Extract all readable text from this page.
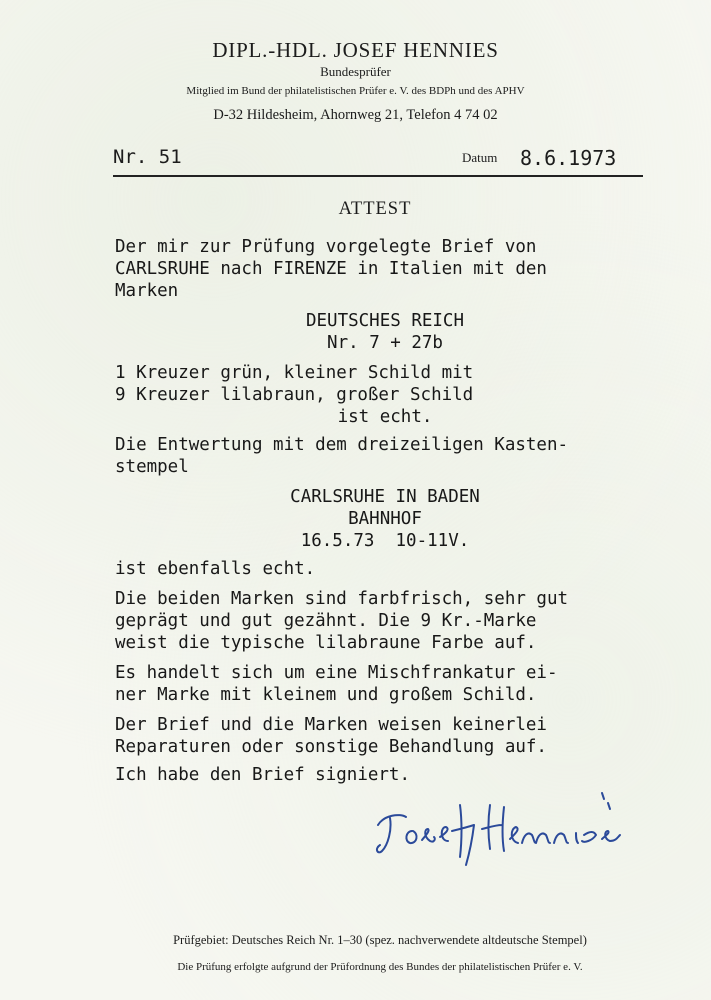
DIPL.-HDL. JOSEF HENNIES
Bundesprüfer
Mitglied im Bund der philatelistischen Prüfer e. V. des BDPh und des APHV
D-32 Hildesheim, Ahornweg 21, Telefon 4 74 02
Nr. 51	Datum 8.6.1973
ATTEST
Der mir zur Prüfung vorgelegte Brief von
CARLSRUHE nach FIRENZE in Italien mit den
Marken
DEUTSCHES REICH
Nr. 7 + 27b
1 Kreuzer grün, kleiner Schild mit
9 Kreuzer lilabraun, großer Schild
ist echt.
Die Entwertung mit dem dreizeiligen Kasten-
stempel
CARLSRUHE IN BADEN
BAHNHOF
16.5.73  10-11V.
ist ebenfalls echt.
Die beiden Marken sind farbfrisch, sehr gut
geprägt und gut gezähnt. Die 9 Kr.-Marke
weist die typische lilabraune Farbe auf.
Es handelt sich um eine Mischfrankatur ei-
ner Marke mit kleinem und großem Schild.
Der Brief und die Marken weisen keinerlei
Reparaturen oder sonstige Behandlung auf.
Ich habe den Brief signiert.
Prüfgebiet: Deutsches Reich Nr. 1–30 (spez. nachverwendete altdeutsche Stempel)
Die Prüfung erfolgte aufgrund der Prüfordnung des Bundes der philatelistischen Prüfer e. V.
